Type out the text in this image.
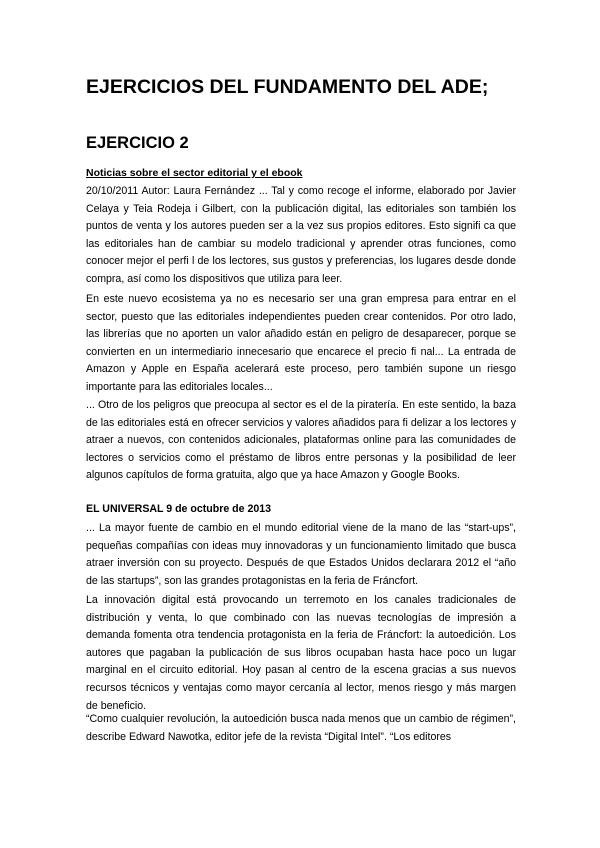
EJERCICIOS DEL FUNDAMENTO DEL ADE;
EJERCICIO 2

Noticias sobre el sector editorial y el ebook

20/10/2011 Autor: Laura Fernández ... Tal y como recoge el informe, elaborado por Javier Celaya y Teia Rodeja i Gilbert, con la publicación digital, las editoriales son también los puntos de venta y los autores pueden ser a la vez sus propios editores. Esto signifi ca que las editoriales han de cambiar su modelo tradicional y aprender otras funciones, como conocer mejor el perfi l de los lectores, sus gustos y preferencias, los lugares desde donde compra, así como los dispositivos que utiliza para leer.

En este nuevo ecosistema ya no es necesario ser una gran empresa para entrar en el sector, puesto que las editoriales independientes pueden crear contenidos. Por otro lado, las librerías que no aporten un valor añadido están en peligro de desaparecer, porque se convierten en un intermediario innecesario que encarece el precio fi nal... La entrada de Amazon y Apple en España acelerará este proceso, pero también supone un riesgo importante para las editoriales locales...

... Otro de los peligros que preocupa al sector es el de la piratería. En este sentido, la baza de las editoriales está en ofrecer servicios y valores añadidos para fi delizar a los lectores y atraer a nuevos, con contenidos adicionales, plataformas online para las comunidades de lectores o servicios como el préstamo de libros entre personas y la posibilidad de leer algunos capítulos de forma gratuita, algo que ya hace Amazon y Google Books.

EL UNIVERSAL 9 de octubre de 2013

... La mayor fuente de cambio en el mundo editorial viene de la mano de las “start-ups”, pequeñas compañías con ideas muy innovadoras y un funcionamiento limitado que busca atraer inversión con su proyecto. Después de que Estados Unidos declarara 2012 el “año de las startups”, son las grandes protagonistas en la feria de Fráncfort.

La innovación digital está provocando un terremoto en los canales tradicionales de distribución y venta, lo que combinado con las nuevas tecnologías de impresión a demanda fomenta otra tendencia protagonista en la feria de Fráncfort: la autoedición. Los autores que pagaban la publicación de sus libros ocupaban hasta hace poco un lugar marginal en el circuito editorial. Hoy pasan al centro de la escena gracias a sus nuevos recursos técnicos y ventajas como mayor cercanía al lector, menos riesgo y más margen de beneficio.

“Como cualquier revolución, la autoedición busca nada menos que un cambio de régimen”, describe Edward Nawotka, editor jefe de la revista “Digital Intel”. “Los editores
